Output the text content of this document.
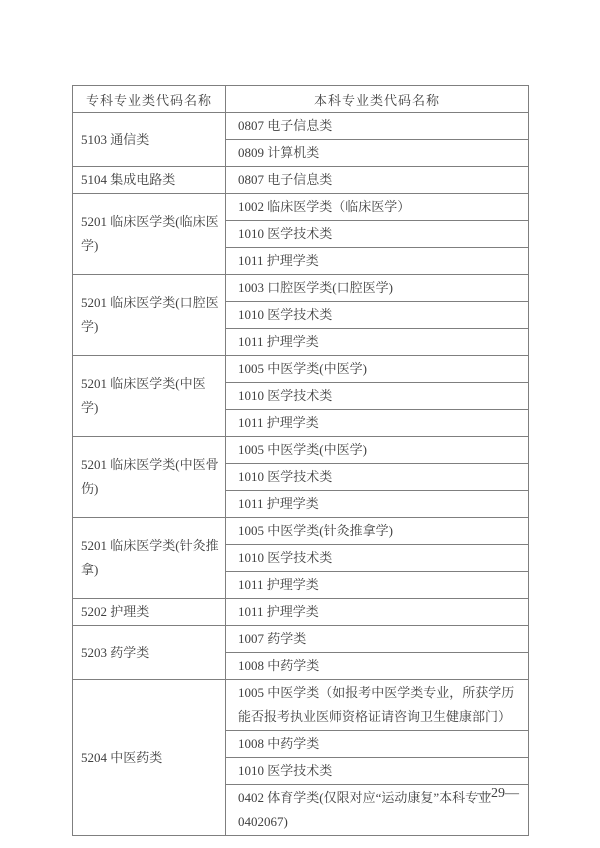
专科专业类代码名称	本科专业类代码名称
5103 通信类	0807 电子信息类
	0809 计算机类
5104 集成电路类	0807 电子信息类
5201 临床医学类(临床医学)	1002 临床医学类（临床医学）
	1010 医学技术类
	1011 护理学类
5201 临床医学类(口腔医学)	1003 口腔医学类(口腔医学)
	1010 医学技术类
	1011 护理学类
5201 临床医学类(中医学)	1005 中医学类(中医学)
	1010 医学技术类
	1011 护理学类
5201 临床医学类(中医骨伤)	1005 中医学类(中医学)
	1010 医学技术类
	1011 护理学类
5201 临床医学类(针灸推拿)	1005 中医学类(针灸推拿学)
	1010 医学技术类
	1011 护理学类
5202 护理类	1011 护理学类
5203 药学类	1007 药学类
	1008 中药学类
5204 中医药类	1005 中医学类（如报考中医学类专业，所获学历能否报考执业医师资格证请咨询卫生健康部门）
	1008 中药学类
	1010 医学技术类
	0402 体育学类(仅限对应“运动康复”本科专业 0402067)
—29—
